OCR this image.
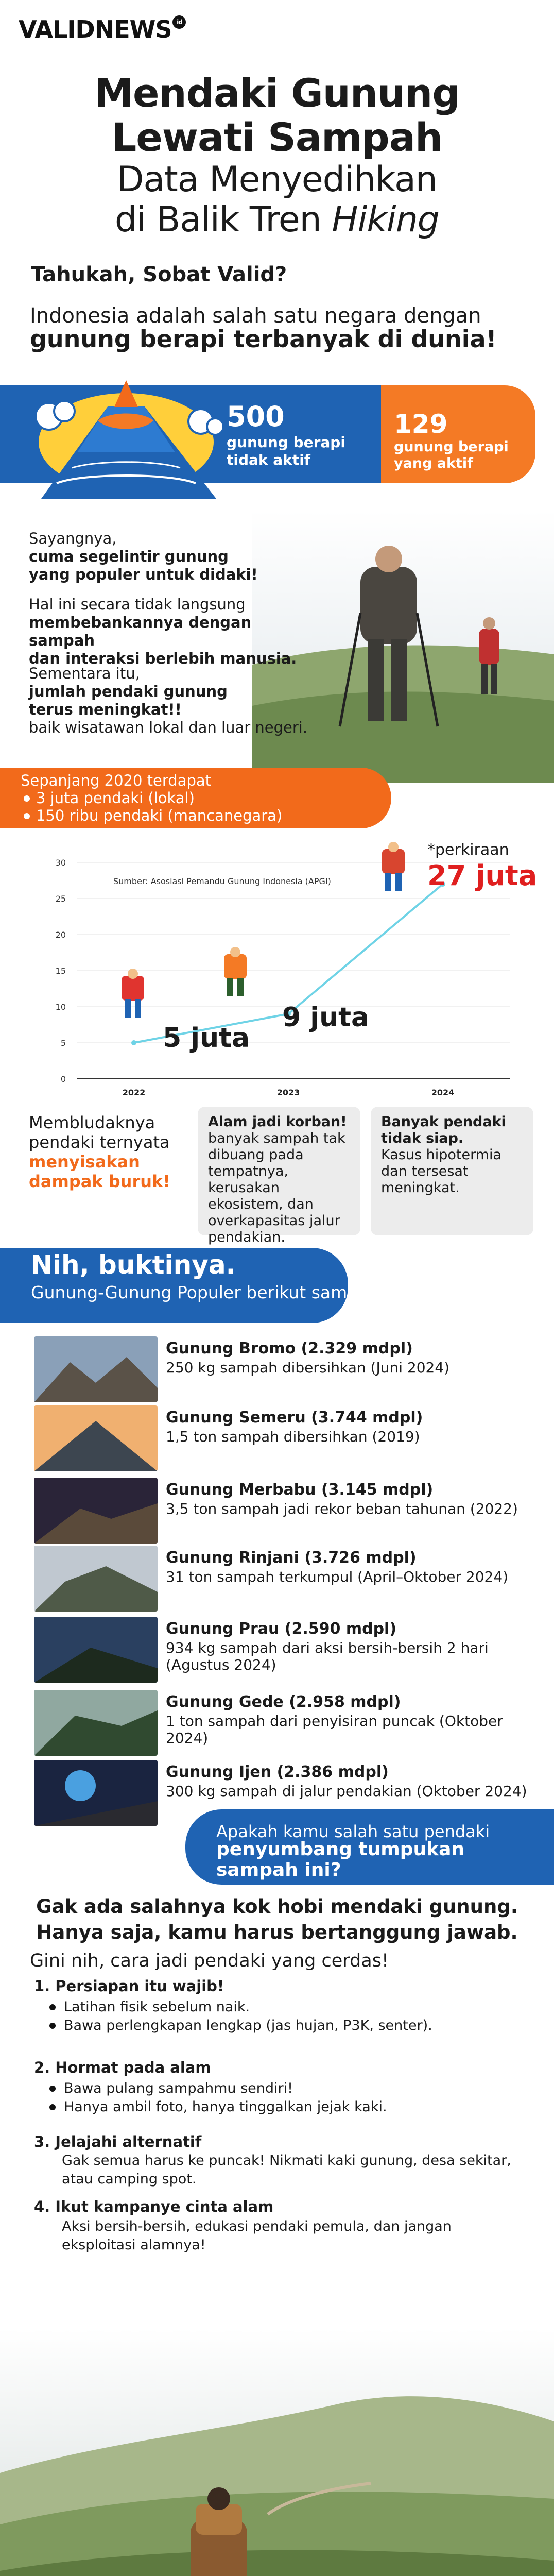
VALIDNEWS id
Mendaki Gunung
Lewati Sampah
Data Menyedihkan
di Balik Tren Hiking
Tahukah, Sobat Valid?
Indonesia adalah salah satu negara dengan
gunung berapi terbanyak di dunia!
500
gunung berapi tidak aktif
129
gunung berapi yang aktif
Sayangnya,
cuma segelintir gunung
yang populer untuk didaki!
Hal ini secara tidak langsung
membebankannya dengan sampah
dan interaksi berlebih manusia.
Sementara itu,
jumlah pendaki gunung
terus meningkat!!
baik wisatawan lokal dan luar negeri.
Sepanjang 2020 terdapat
3 juta pendaki (lokal)
150 ribu pendaki (mancanegara)
0
5
10
15
20
25
30
2022	2023	2024
Sumber: Asosiasi Pemandu Gunung Indonesia (APGI)
*perkiraan
27 juta
5 juta
9 juta
Membludaknya pendaki ternyata menyisakan dampak buruk!
Alam jadi korban!
banyak sampah tak dibuang pada tempatnya, kerusakan ekosistem, dan overkapasitas jalur pendakian.
Banyak pendaki tidak siap.
Kasus hipotermia dan tersesat meningkat.
Nih, buktinya.
Gunung-Gunung Populer berikut sampah masing-masing.
Gunung Bromo (2.329 mdpl)
250 kg sampah dibersihkan (Juni 2024)
Gunung Semeru (3.744 mdpl)
1,5 ton sampah dibersihkan (2019)
Gunung Merbabu (3.145 mdpl)
3,5 ton sampah jadi rekor beban tahunan (2022)
Gunung Rinjani (3.726 mdpl)
31 ton sampah terkumpul (April–Oktober 2024)
Gunung Prau (2.590 mdpl)
934 kg sampah dari aksi bersih-bersih 2 hari (Agustus 2024)
Gunung Gede (2.958 mdpl)
1 ton sampah dari penyisiran puncak (Oktober 2024)
Gunung Ijen (2.386 mdpl)
300 kg sampah di jalur pendakian (Oktober 2024)
Apakah kamu salah satu pendaki
penyumbang tumpukan sampah ini?
Gak ada salahnya kok hobi mendaki gunung.
Hanya saja, kamu harus bertanggung jawab.
Gini nih, cara jadi pendaki yang cerdas!
1. Persiapan itu wajib!
Latihan fisik sebelum naik.
Bawa perlengkapan lengkap (jas hujan, P3K, senter).
2. Hormat pada alam
Bawa pulang sampahmu sendiri!
Hanya ambil foto, hanya tinggalkan jejak kaki.
3. Jelajahi alternatif
Gak semua harus ke puncak! Nikmati kaki gunung, desa sekitar, atau camping spot.
4. Ikut kampanye cinta alam
Aksi bersih-bersih, edukasi pendaki pemula, dan jangan eksploitasi alamnya!
